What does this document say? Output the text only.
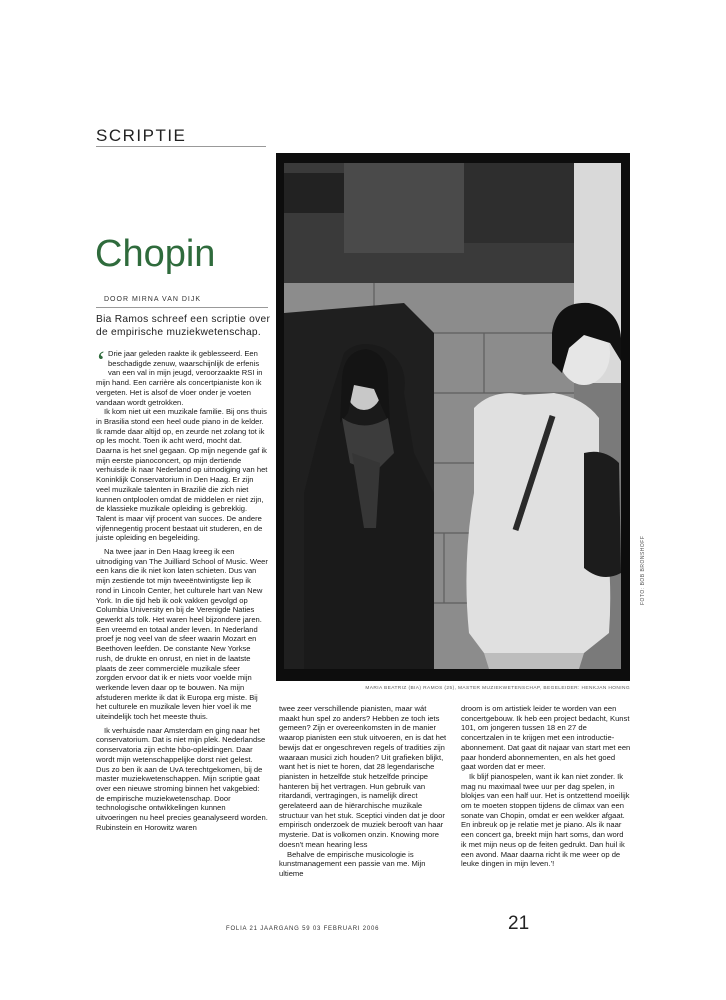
SCRIPTIE
Chopin
DOOR MIRNA VAN DIJK
Bia Ramos schreef een scriptie over de empirische muziekwetenschap.

‘ Drie jaar geleden raakte ik geblesseerd. Een beschadigde zenuw, waarschijnlijk de erfenis van een val in mijn jeugd, veroorzaakte RSI in mijn hand. Een carrière als concertpianiste kon ik vergeten. Het is alsof de vloer onder je voeten vandaan wordt getrokken.

Ik kom niet uit een muzikale familie. Bij ons thuis in Brasilia stond een heel oude piano in de kelder. Ik ramde daar altijd op, en zeurde net zolang tot ik op les mocht. Toen ik acht werd, mocht dat. Daarna is het snel gegaan. Op mijn negende gaf ik mijn eerste pianoconcert, op mijn dertiende verhuisde ik naar Nederland op uitnodiging van het Koninklijk Conservatorium in Den Haag. Er zijn veel muzikale talenten in Brazilië die zich niet kunnen ontploolen omdat de middelen er niet zijn, de klassieke muzikale opleiding is gebrekkig. Talent is maar vijf procent van succes. De andere vijfennegentig procent bestaat uit studeren, en de juiste opleiding en begeleiding.

Na twee jaar in Den Haag kreeg ik een uitnodiging van The Juilliard School of Music. Weer een kans die ik niet kon laten schieten. Dus van mijn zestiende tot mijn tweeëntwintigste liep ik rond in Lincoln Center, het culturele hart van New York. In die tijd heb ik ook vakken gevolgd op Columbia University en bij de Verenigde Naties gewerkt als tolk. Het waren heel bijzondere jaren. Een vreemd en totaal ander leven. In Nederland proef je nog veel van de sfeer waarin Mozart en Beethoven leefden. De constante New Yorkse rush, de drukte en onrust, en niet in de laatste plaats de zeer commerciële muzikale sfeer zorgden ervoor dat ik er niets voor voelde mijn werkende leven daar op te bouwen. Na mijn afstuderen merkte ik dat ik Europa erg miste. Bij het culturele en muzikale leven hier voel ik me uiteindelijk toch het meeste thuis.

Ik verhuisde naar Amsterdam en ging naar het conservatorium. Dat is niet mijn plek. Nederlandse conservatoria zijn echte hbo-opleidingen. Daar wordt mijn wetenschappelijke dorst niet gelest. Dus zo ben ik aan de UvA terechtgekomen, bij de master muziekwetenschappen. Mijn scriptie gaat over een nieuwe stroming binnen het vakgebied: de empirische muziekwetenschap. Door technologische ontwikkelingen kunnen uitvoeringen nu heel precies geanalyseerd worden. Rubinstein en Horowitz waren

FOTO: BOB BRONSHOFF
MARIA BEATRIZ (BIA) RAMOS (25), MASTER MUZIEKWETENSCHAP, BEGELEIDER: HENKJAN HONING

twee zeer verschillende pianisten, maar wát maakt hun spel zo anders? Hebben ze toch iets gemeen? Zijn er overeenkomsten in de manier waarop pianisten een stuk uitvoeren, en is dat het bewijs dat er ongeschreven regels of tradities zijn waaraan musici zich houden? Uit grafieken blijkt, want het is niet te horen, dat 28 legendarische pianisten in hetzelfde stuk hetzelfde principe hanteren bij het vertragen. Hun gebruik van ritardandi, vertragingen, is namelijk direct gerelateerd aan de hiërarchische muzikale structuur van het stuk. Sceptici vinden dat je door empirisch onderzoek de muziek berooft van haar mysterie. Dat is volkomen onzin. Knowing more doesn't mean hearing less

Behalve de empirische musicologie is kunstmanagement een passie van me. Mijn ultieme

droom is om artistiek leider te worden van een concertgebouw. Ik heb een project bedacht, Kunst 101, om jongeren tussen 18 en 27 de concertzalen in te krijgen met een introductie-abonnement. Dat gaat dit najaar van start met een paar honderd abonnementen, en als het goed gaat worden dat er meer.

Ik blijf pianospelen, want ik kan niet zonder. Ik mag nu maximaal twee uur per dag spelen, in blokjes van een half uur. Het is ontzettend moeilijk om te moeten stoppen tijdens de climax van een sonate van Chopin, omdat er een wekker afgaat. En inbreuk op je relatie met je piano. Als ik naar een concert ga, breekt mijn hart soms, dan word ik met mijn neus op de feiten gedrukt. Dan huil ik een avond. Maar daarna richt ik me weer op de leuke dingen in mijn leven.’!

FOLIA 21 JAARGANG 59 03 FEBRUARI 2006	21
